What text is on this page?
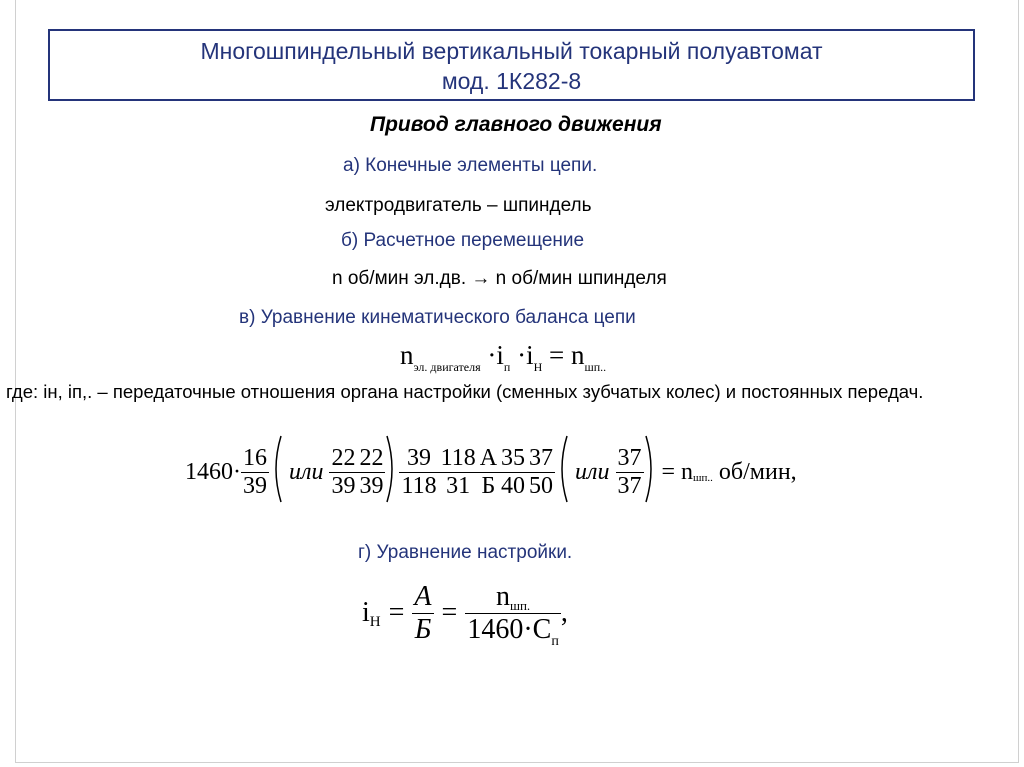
Многошпиндельный вертикальный токарный полуавтомат
мод. 1К282-8
Привод главного движения
а) Конечные элементы цепи.
электродвигатель – шпиндель
б) Расчетное перемещение
n об/мин эл.дв. → n об/мин шпинделя
в) Уравнение кинематического баланса цепи
$n_{эл. двигателя} \cdot i_п \cdot i_Н = n_{шп..}$
где: iн, iп,. – передаточные отношения органа настройки (сменных зубчатых колес) и постоянных передач.
$1460\cdot \frac{16}{39}$ или $\frac{22}{39} \frac{22}{39} \frac{39}{118} \frac{118}{31} \frac{А}{Б} \frac{35}{40} \frac{37}{50}$ или $\frac{37}{37} = n$ шп.. об/мин,
г) Уравнение настройки.
i $Н = \frac{А}{Б} = \frac{\text{nшп.}}{1460\cdot C_п}$ ,
